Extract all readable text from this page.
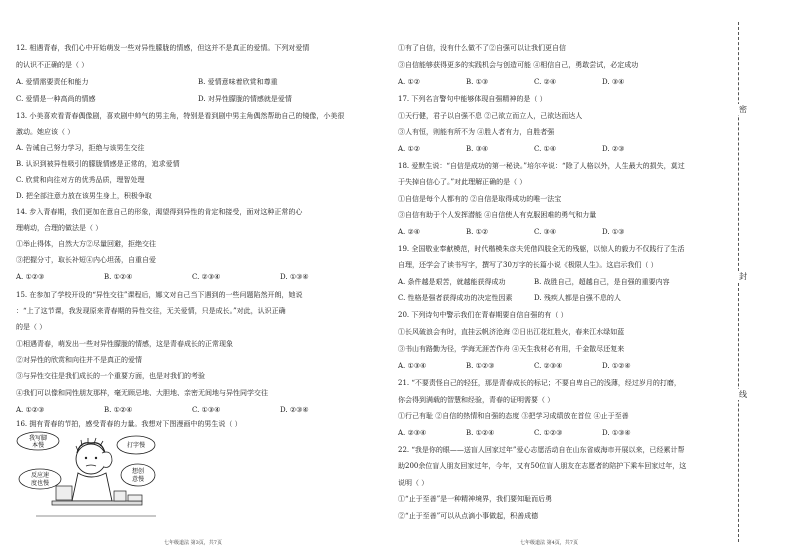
12. 相遇青春，我们心中开始萌发一些对异性朦胧的情感，但这并不是真正的爱情。下列对爱情
的认识不正确的是（ ）
A. 爱情需要责任和能力	B. 爱情意味着欣赏和尊重
C. 爱情是一种高尚的情感	D. 对异性朦胧的情感就是爱情
13. 小美喜欢看青春偶像剧，喜欢剧中帅气的男主角，特别是看到剧中男主角偶然帮助自己的镜像，小美很
激动。她应该（ ）
A. 告诫自己努力学习，拒绝与该男生交往
B. 认识到被异性吸引的朦胧情感是正常的，追求爱情
C. 欣赏和向往对方的优秀品质，理智处理
D. 把全部注意力放在该男生身上，积极争取
14. 步入青春期，我们更加在意自己的形象，渴望得到异性的肯定和接受，面对这种正常的心
理萌动，合理的做法是（ ）
①举止得体，自然大方②尽量回避，拒绝交往
③把握分寸，取长补短④内心坦荡，自重自爱
A. ①②③	B. ①②④	C. ②③④	D. ①③④
15. 在参加了学校开设的“异性交往”课程后，娜文对自己当下遇到的一些问题陷然开朗，她说
：“上了这节课，我发现原来青春期的异性交往，无关爱情，只是成长。”对此，认识正确
的是（ ）
①相遇青春，萌发出一些对异性朦胧的情感，这是青春成长的正常现象
②对异性的欣赏和向往并不是真正的爱情
③与异性交往是我们成长的一个重要方面，也是对我们的考验
④我们可以像和同性朋友那样，毫无顾忌地、大胆地、亲密无间地与异性同学交往
A. ①②③	B. ①②④	C. ①③④	D. ②③④
16. 拥有青春的节拍，感受青春的力量。我想对下图漫画中的男生说（ ）
我写脚
本慢
反应速
度也慢
打字慢
想创
意慢
七年级道法 第3页，共7页
①有了自信，没有什么做不了②自强可以让我们更自信
③自信能够获得更多的实践机会与创造可能 ④相信自己，勇敢尝试，必定成功
A. ①②	B. ①③	C. ②④	D. ③④
17. 下列名言警句中能够体现自强精神的是（ ）
①天行健，君子以自强不息 ②己欲立而立人，己欲达而达人
③人有恒，则能有所不为 ④胜人者有力，自胜者强
A. ①②	B. ③④	C. ①④	D. ②③
18. 爱默生说：“自信是成功的第一秘诀。”培尔辛说：“除了人格以外，人生最大的损失，莫过
于失掉自信心了。”对此理解正确的是（ ）
①自信是每个人都有的 ②自信是取得成功的唯一法宝
③自信有助于个人发挥潜能 ④自信使人有克服困难的勇气和力量
A. ②④	B. ①②	C. ③④	D. ①③
19. 全国敬业奉献模范，时代楷模朱彦夫凭借四肢全无的残躯，以惊人的毅力不仅践行了生活
自理，还学会了读书写字，撰写了30万字的长篇小说《极限人生》。这启示我们（ ）
A. 条件越是艰苦，就越能获得成功	B. 战胜自己，超越自己，是自强的重要内容
C. 性格是强者获得成功的决定性因素	D. 残疾人都是自强不息的人
20. 下列诗句中警示我们在青春期要自信自强的有（ ）
①长风破浪会有时，直挂云帆济沧海 ②日出江花红胜火，春来江水绿如蓝
③书山有路勤为径，学海无涯苦作舟 ④天生我材必有用，千金散尽还复来
A. ①③④	B. ①②③	C. ②③④	D. ①②④
21. “不要责怪自己的轻狂，那是青春成长的标记；不要自卑自己的浅薄，经过岁月的打磨，
你会得到满载的智慧和经验，青春的证明需要（ ）
①行己有耻 ②自信的热情和自强的态度 ③把学习成绩放在首位 ④止于至善
A. ②③④	B. ①②④	C. ①②③	D. ①③④
22. “我是你的眼——送盲人回家过年”爱心志愿活动自在山东省威海市开展以来，已经累计帮
助200余位盲人朋友回家过年，今年，又有50位盲人朋友在志愿者的陪护下乘车回家过年，这
说明（ ）
①“止于至善”是一种精神境界，我们要知耻而后勇
②“止于至善”可以从点滴小事做起，积善成德
七年级道法 第4页，共7页
密
封
线
